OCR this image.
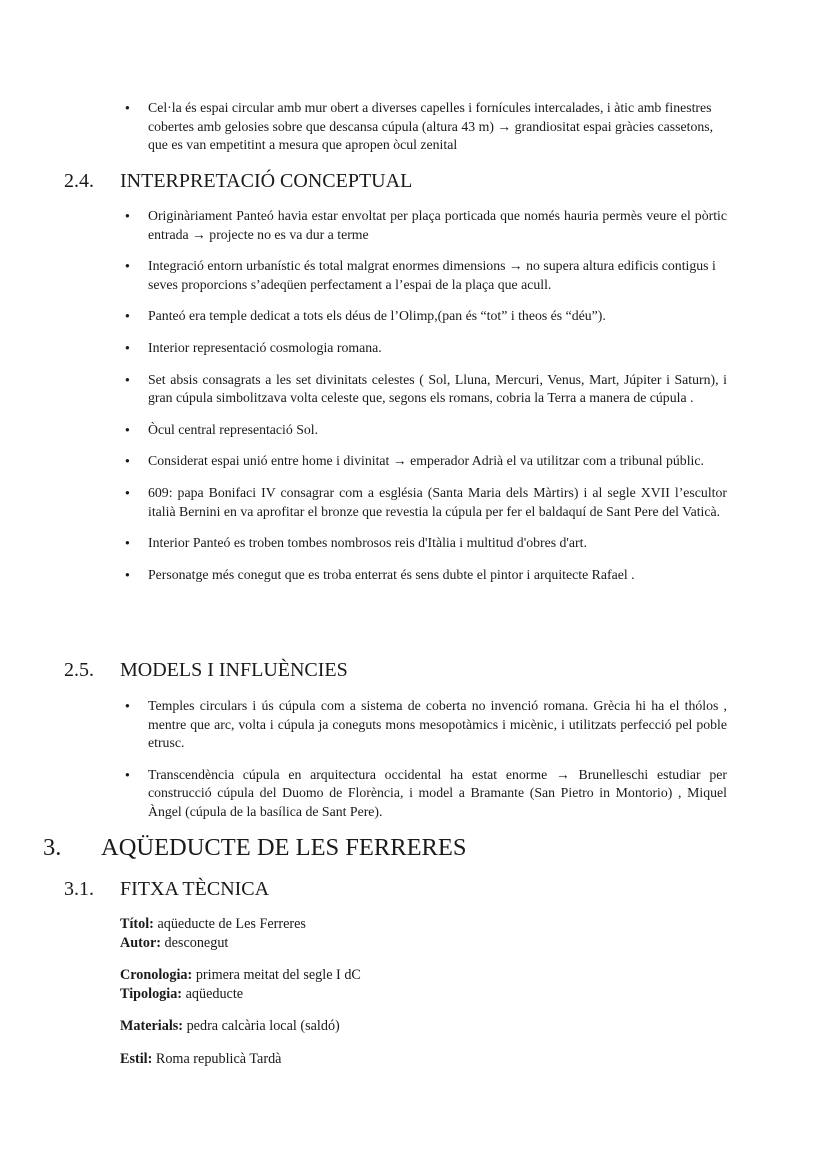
● Cel·la és espai circular amb mur obert a diverses capelles i fornícules intercalades, i àtic amb finestres cobertes amb gelosies sobre que descansa cúpula (altura 43 m) → grandiositat espai gràcies cassetons, que es van empetitint a mesura que apropen òcul zenital
2.4. INTERPRETACIÓ CONCEPTUAL
● Originàriament Panteó havia estar envoltat per plaça porticada que només hauria permès veure el pòrtic entrada → projecte no es va dur a terme
● Integració entorn urbanístic és total malgrat enormes dimensions → no supera altura edificis contigus i seves proporcions s’adeqüen perfectament a l’espai de la plaça que acull.
● Panteó era temple dedicat a tots els déus de l’Olimp,(pan és “tot” i theos és “déu”).
● Interior representació cosmologia romana.
● Set absis consagrats a les set divinitats celestes ( Sol, Lluna, Mercuri, Venus, Mart, Júpiter i Saturn), i gran cúpula simbolitzava volta celeste que, segons els romans, cobria la Terra a manera de cúpula .
● Òcul central representació Sol.
● Considerat espai unió entre home i divinitat → emperador Adrià el va utilitzar com a tribunal públic.
● 609: papa Bonifaci IV consagrar com a església (Santa Maria dels Màrtirs) i al segle XVII l’escultor italià Bernini en va aprofitar el bronze que revestia la cúpula per fer el baldaquí de Sant Pere del Vaticà.
● Interior Panteó es troben tombes nombrosos reis d'Itàlia i multitud d'obres d'art.
● Personatge més conegut que es troba enterrat és sens dubte el pintor i arquitecte Rafael .
2.5. MODELS I INFLUÈNCIES
● Temples circulars i ús cúpula com a sistema de coberta no invenció romana. Grècia hi ha el thólos , mentre que arc, volta i cúpula ja coneguts mons mesopotàmics i micènic, i utilitzats perfecció pel poble etrusc.
● Transcendència cúpula en arquitectura occidental ha estat enorme → Brunelleschi estudiar per construcció cúpula del Duomo de Florència, i model a Bramante (San Pietro in Montorio) , Miquel Àngel (cúpula de la basílica de Sant Pere).
3. AQÜEDUCTE DE LES FERRERES
3.1. FITXA TÈCNICA
Títol: aqüeducte de Les Ferreres
Autor: desconegut
Cronologia: primera meitat del segle I dC
Tipologia: aqüeducte
Materials: pedra calcària local (saldó)
Estil: Roma republicà Tardà
